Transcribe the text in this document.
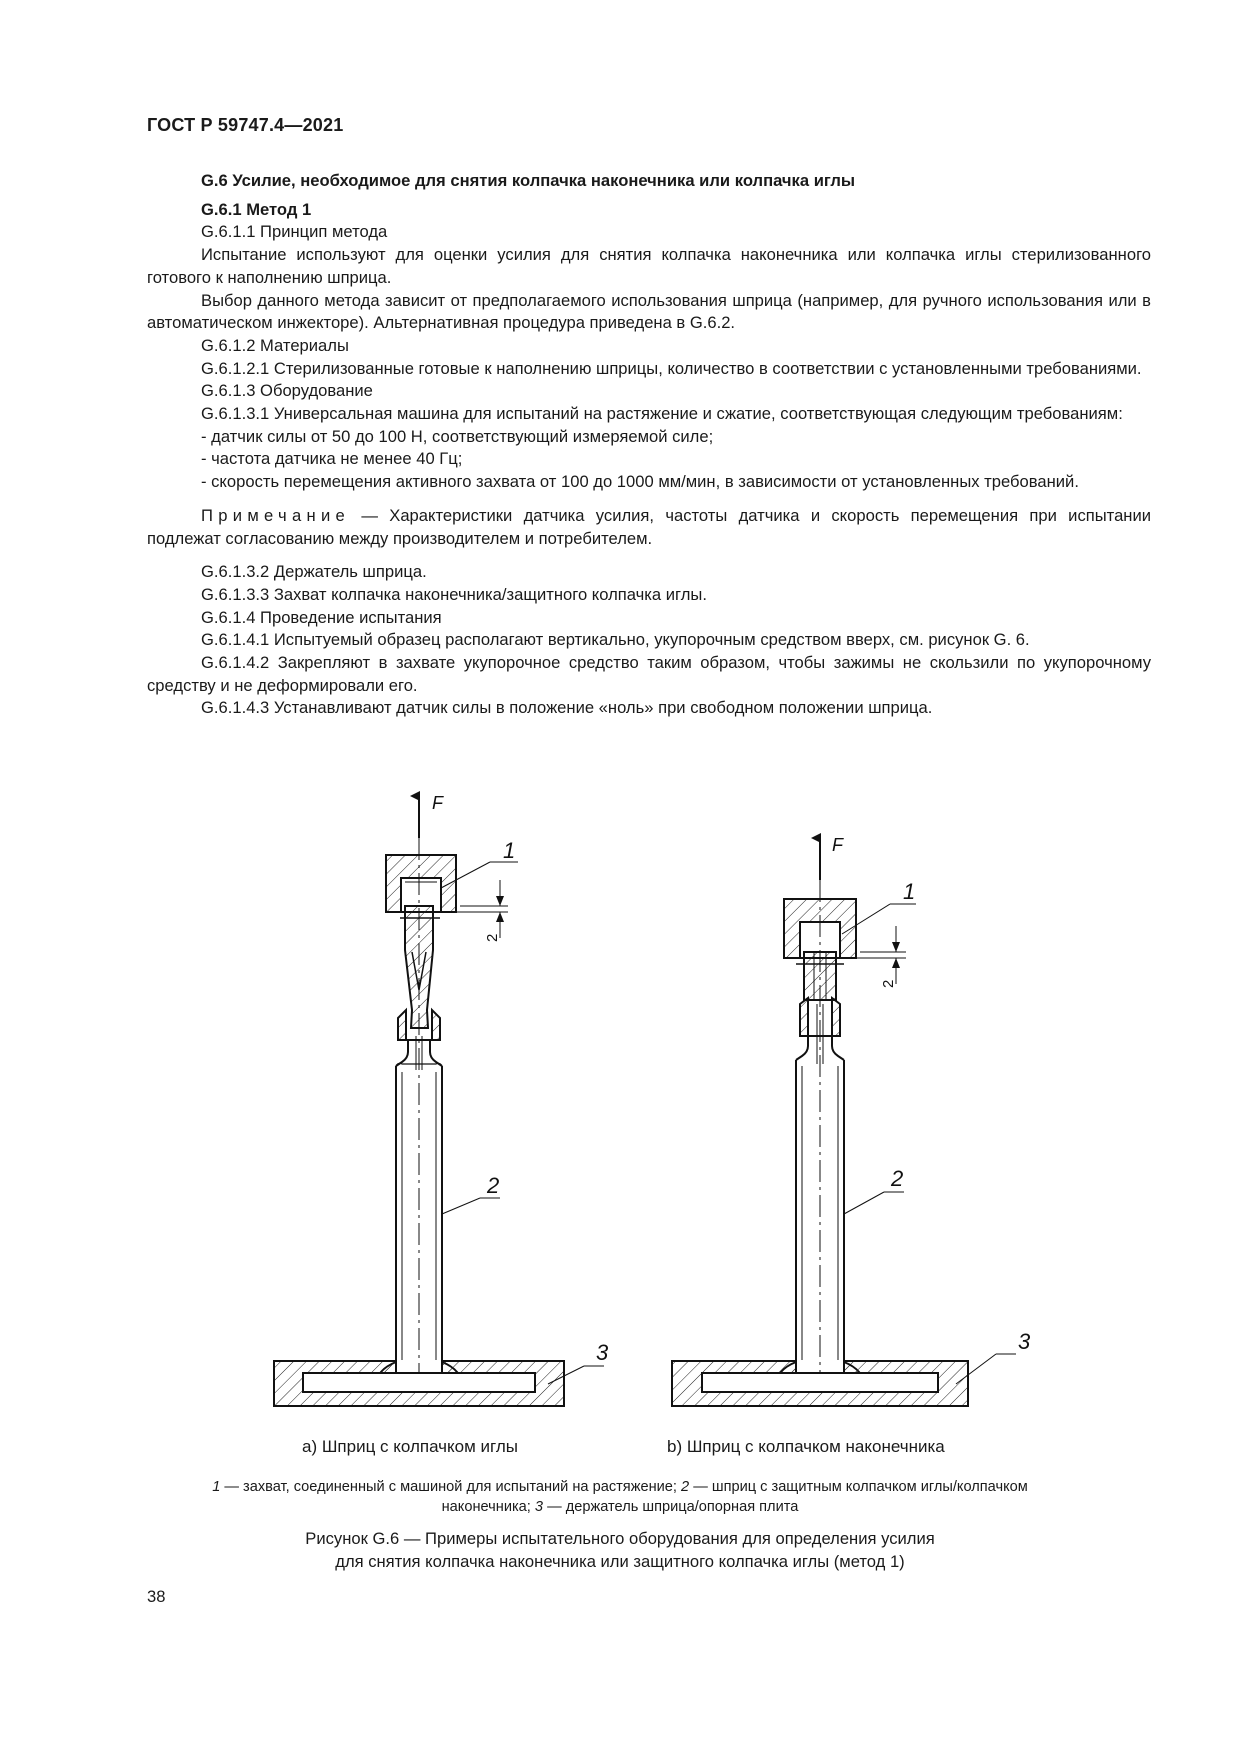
ГОСТ Р 59747.4—2021

G.6 Усилие, необходимое для снятия колпачка наконечника или колпачка иглы

G.6.1 Метод 1

G.6.1.1 Принцип метода

Испытание используют для оценки усилия для снятия колпачка наконечника или колпачка иглы стерилизованного готового к наполнению шприца.

Выбор данного метода зависит от предполагаемого использования шприца (например, для ручного использования или в автоматическом инжекторе). Альтернативная процедура приведена в G.6.2.

G.6.1.2 Материалы

G.6.1.2.1 Стерилизованные готовые к наполнению шприцы, количество в соответствии с установленными требованиями.

G.6.1.3 Оборудование

G.6.1.3.1 Универсальная машина для испытаний на растяжение и сжатие, соответствующая следующим требованиям:

- датчик силы от 50 до 100 Н, соответствующий измеряемой силе;

- частота датчика не менее 40 Гц;

- скорость перемещения активного захвата от 100 до 1000 мм/мин, в зависимости от установленных требований.

Примечание — Характеристики датчика усилия, частоты датчика и скорость перемещения при испытании подлежат согласованию между производителем и потребителем.

G.6.1.3.2 Держатель шприца.

G.6.1.3.3 Захват колпачка наконечника/защитного колпачка иглы.

G.6.1.4 Проведение испытания

G.6.1.4.1 Испытуемый образец располагают вертикально, укупорочным средством вверх, см. рисунок G. 6.

G.6.1.4.2 Закрепляют в захвате укупорочное средство таким образом, чтобы зажимы не скользили по укупорочному средству и не деформировали его.

G.6.1.4.3 Устанавливают датчик силы в положение «ноль» при свободном положении шприца.

F
2
1
2
3
F
2
1
2
3
а) Шприц с колпачком иглы	b) Шприц с колпачком наконечника
1 — захват, соединенный с машиной для испытаний на растяжение; 2 — шприц с защитным колпачком иглы/колпачком наконечника; 3 — держатель шприца/опорная плита
Рисунок G.6 — Примеры испытательного оборудования для определения усилия
для снятия колпачка наконечника или защитного колпачка иглы (метод 1)
38
